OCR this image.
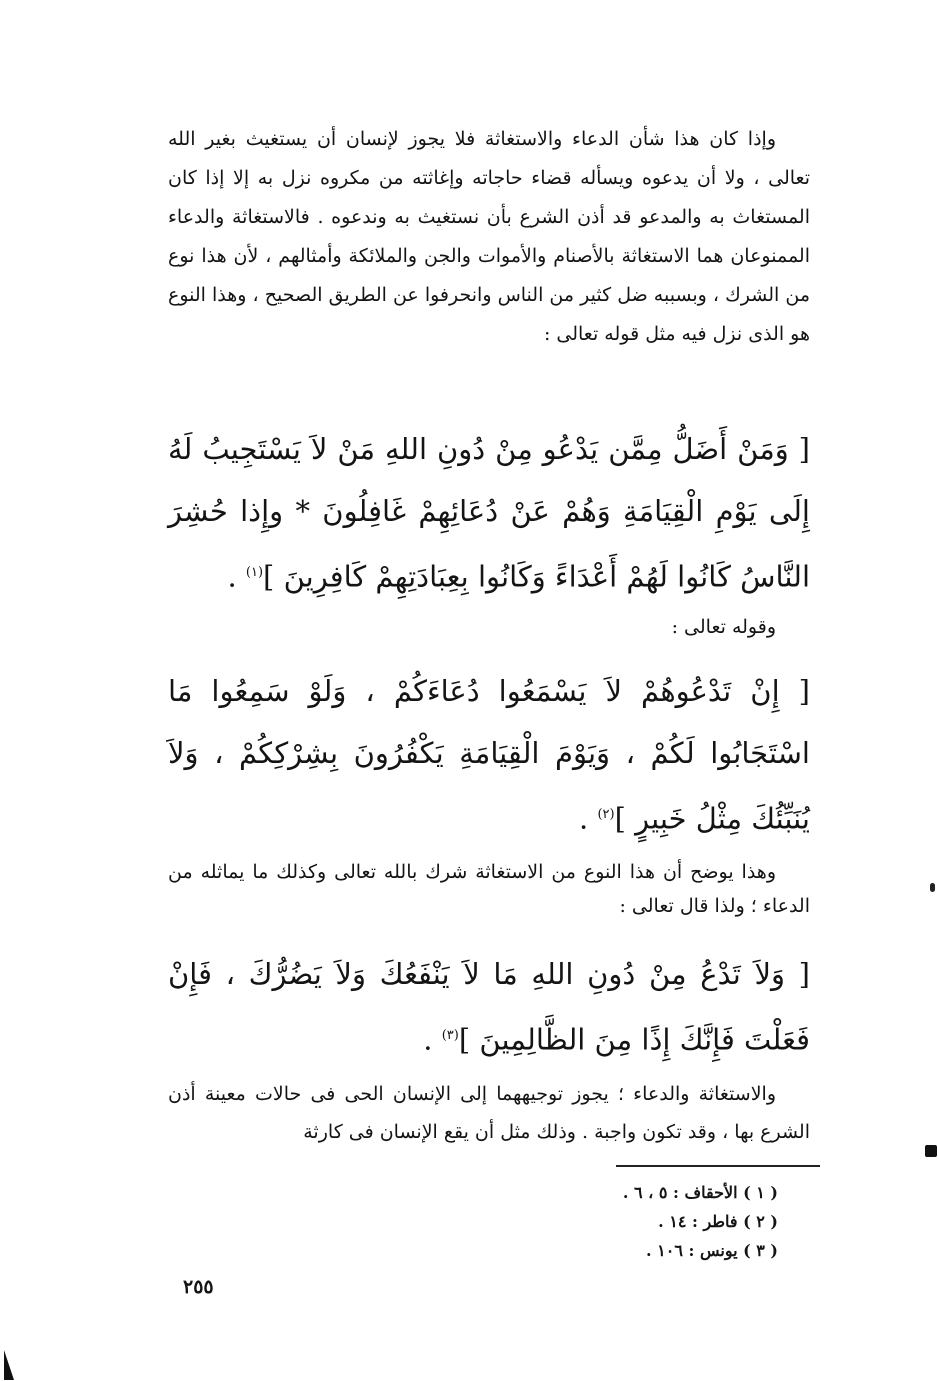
وإذا كان هذا شأن الدعاء والاستغاثة فلا يجوز لإنسان أن يستغيث بغير الله تعالى ، ولا أن يدعوه ويسأله قضاء حاجاته وإغاثته من مكروه نزل به إلا إذا كان المستغاث به والمدعو قد أذن الشرع بأن نستغيث به وندعوه . فالاستغاثة والدعاء الممنوعان هما الاستغاثة بالأصنام والأموات والجن والملائكة وأمثالهم ، لأن هذا نوع من الشرك ، وبسببه ضل كثير من الناس وانحرفوا عن الطريق الصحيح ، وهذا النوع هو الذى نزل فيه مثل قوله تعالى :

[ وَمَنْ أَضَلُّ مِمَّن يَدْعُو مِنْ دُونِ اللهِ مَنْ لاَ يَسْتَجِيبُ لَهُ إِلَى يَوْمِ الْقِيَامَةِ وَهُمْ عَنْ دُعَائِهِمْ غَافِلُونَ * وإِذا حُشِرَ النَّاسُ كَانُوا لَهُمْ أَعْدَاءً وَكَانُوا بِعِبَادَتِهِمْ كَافِرِينَ ]$^{(١)}$ .

وقوله تعالى :

[ إِنْ تَدْعُوهُمْ لاَ يَسْمَعُوا دُعَاءَكُمْ ، وَلَوْ سَمِعُوا مَا اسْتَجَابُوا لَكُمْ ، وَيَوْمَ الْقِيَامَةِ يَكْفُرُونَ بِشِرْكِكُمْ ، وَلاَ يُنَبِّئُكَ مِثْلُ خَبِيرٍ ]$^{(٢)}$ .

وهذا يوضح أن هذا النوع من الاستغاثة شرك بالله تعالى وكذلك ما يماثله من الدعاء ؛ ولذا قال تعالى :

[ وَلاَ تَدْعُ مِنْ دُونِ اللهِ مَا لاَ يَنْفَعُكَ وَلاَ يَضُرُّكَ ، فَإِنْ فَعَلْتَ فَإِنَّكَ إِذًا مِنَ الظَّالِمِينَ ]$^{(٣)}$ .

والاستغاثة والدعاء ؛ يجوز توجيههما إلى الإنسان الحى فى حالات معينة أذن الشرع بها ، وقد تكون واجبة . وذلك مثل أن يقع الإنسان فى كارثة

( ١ ) الأحقاف : ٥ ، ٦ .
( ٢ ) فاطر : ١٤ .
( ٣ ) يونس : ١٠٦ .
٢٥٥
